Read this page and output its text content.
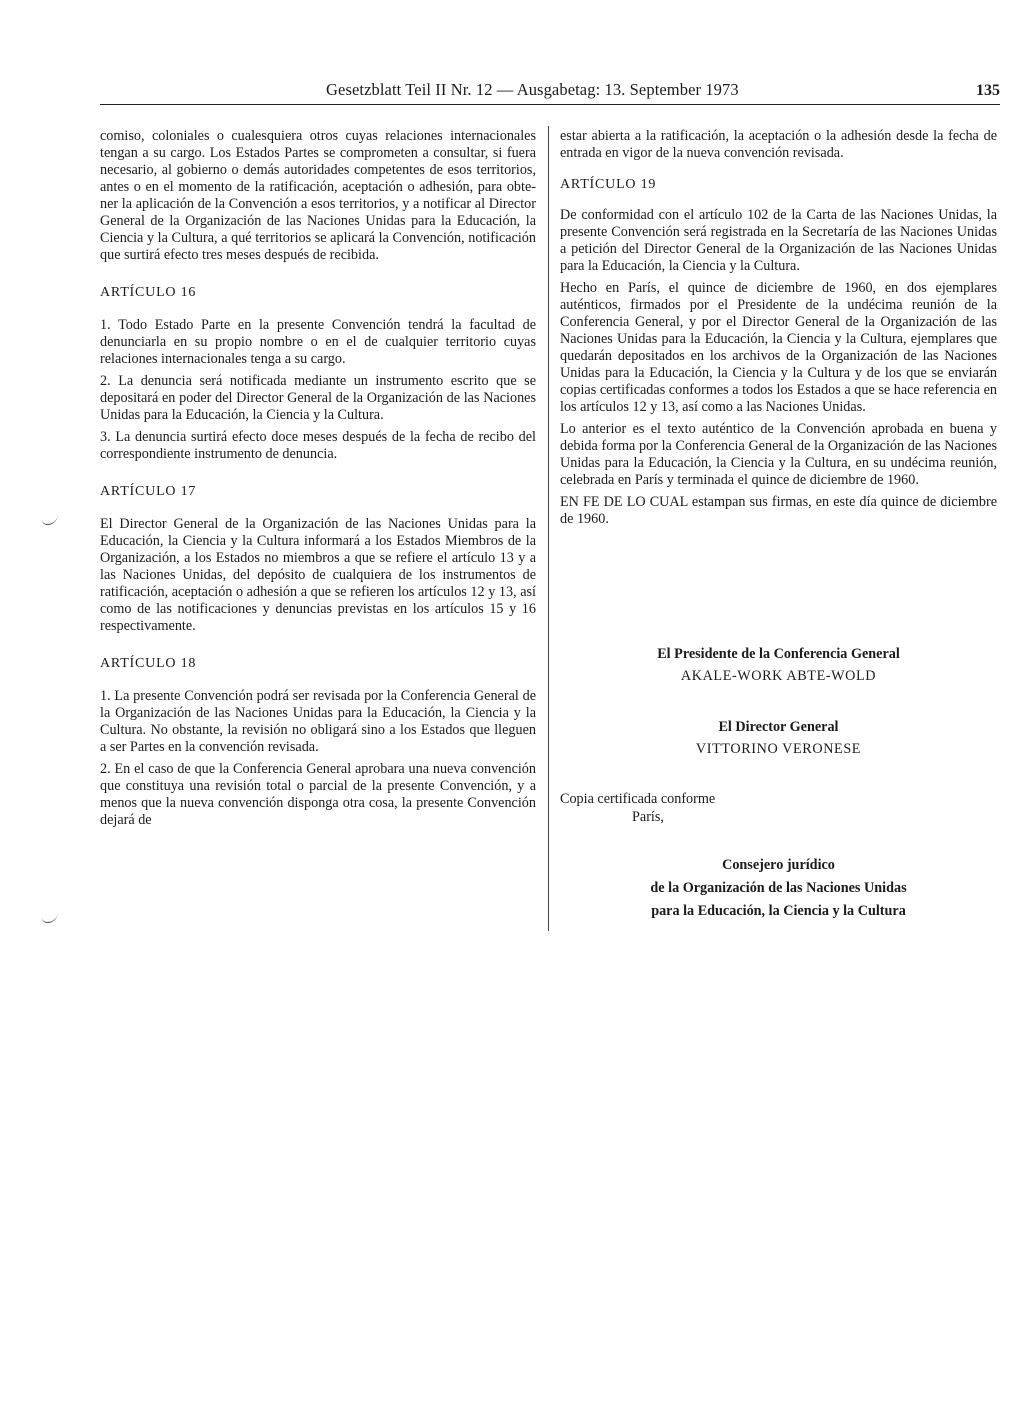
Gesetzblatt Teil II Nr. 12 — Ausgabetag: 13. September 1973	135

comiso, coloniales o cualesquiera otros cuyas relaciones internacionales tengan a su cargo. Los Estados Partes se comprometen a consultar, si fuera necesario, al gobierno o demás autoridades competentes de esos territorios, antes o en el momento de la ratificación, aceptación o adhesión, para obtener la aplicación de la Convención a esos territorios, y a notificar al Director General de la Organización de las Naciones Unidas para la Educación, la Ciencia y la Cultura, a qué territorios se aplicará la Convención, notificación que surtirá efecto tres meses después de recibida.

ARTÍCULO 16

1. Todo Estado Parte en la presente Convención tendrá la facultad de denunciarla en su propio nombre o en el de cualquier territorio cuyas relaciones internacionales tenga a su cargo.

2. La denuncia será notificada mediante un instrumento escrito que se depositará en poder del Director General de la Organización de las Naciones Unidas para la Educación, la Ciencia y la Cultura.

3. La denuncia surtirá efecto doce meses después de la fecha de recibo del correspondiente instrumento de denuncia.

ARTÍCULO 17

El Director General de la Organización de las Naciones Unidas para la Educación, la Ciencia y la Cultura informará a los Estados Miembros de la Organización, a los Estados no miembros a que se refiere el artículo 13 y a las Naciones Unidas, del depósito de cualquiera de los instrumentos de ratificación, aceptación o adhesión a que se refieren los artículos 12 y 13, así como de las notificaciones y denuncias previstas en los artículos 15 y 16 respectivamente.

ARTÍCULO 18

1. La presente Convención podrá ser revisada por la Conferencia General de la Organización de las Naciones Unidas para la Educación, la Ciencia y la Cultura. No obstante, la revisión no obligará sino a los Estados que lleguen a ser Partes en la convención revisada.

2. En el caso de que la Conferencia General aprobara una nueva convención que constituya una revisión total o parcial de la presente Convención, y a menos que la nueva convención disponga otra cosa, la presente Convención dejará de

estar abierta a la ratificación, la aceptación o la adhesión desde la fecha de entrada en vigor de la nueva convención revisada.

ARTÍCULO 19

De conformidad con el artículo 102 de la Carta de las Naciones Unidas, la presente Convención será registrada en la Secretaría de las Naciones Unidas a petición del Director General de la Organización de las Naciones Unidas para la Educación, la Ciencia y la Cultura.

Hecho en París, el quince de diciembre de 1960, en dos ejemplares auténticos, firmados por el Presidente de la undécima reunión de la Conferencia General, y por el Director General de la Organización de las Naciones Unidas para la Educación, la Ciencia y la Cultura, ejemplares que quedarán depositados en los archivos de la Organización de las Naciones Unidas para la Educación, la Ciencia y la Cultura y de los que se enviarán copias certificadas conformes a todos los Estados a que se hace referencia en los artículos 12 y 13, así como a las Naciones Unidas.

Lo anterior es el texto auténtico de la Convención aprobada en buena y debida forma por la Conferencia General de la Organización de las Naciones Unidas para la Educación, la Ciencia y la Cultura, en su undécima reunión, celebrada en París y terminada el quince de diciembre de 1960.

EN FE DE LO CUAL estampan sus firmas, en este día quince de diciembre de 1960.

El Presidente de la Conferencia General
AKALE-WORK ABTE-WOLD
El Director General
VITTORINO VERONESE
Copia certificada conforme
París,
Consejero jurídico
de la Organización de las Naciones Unidas
para la Educación, la Ciencia y la Cultura
